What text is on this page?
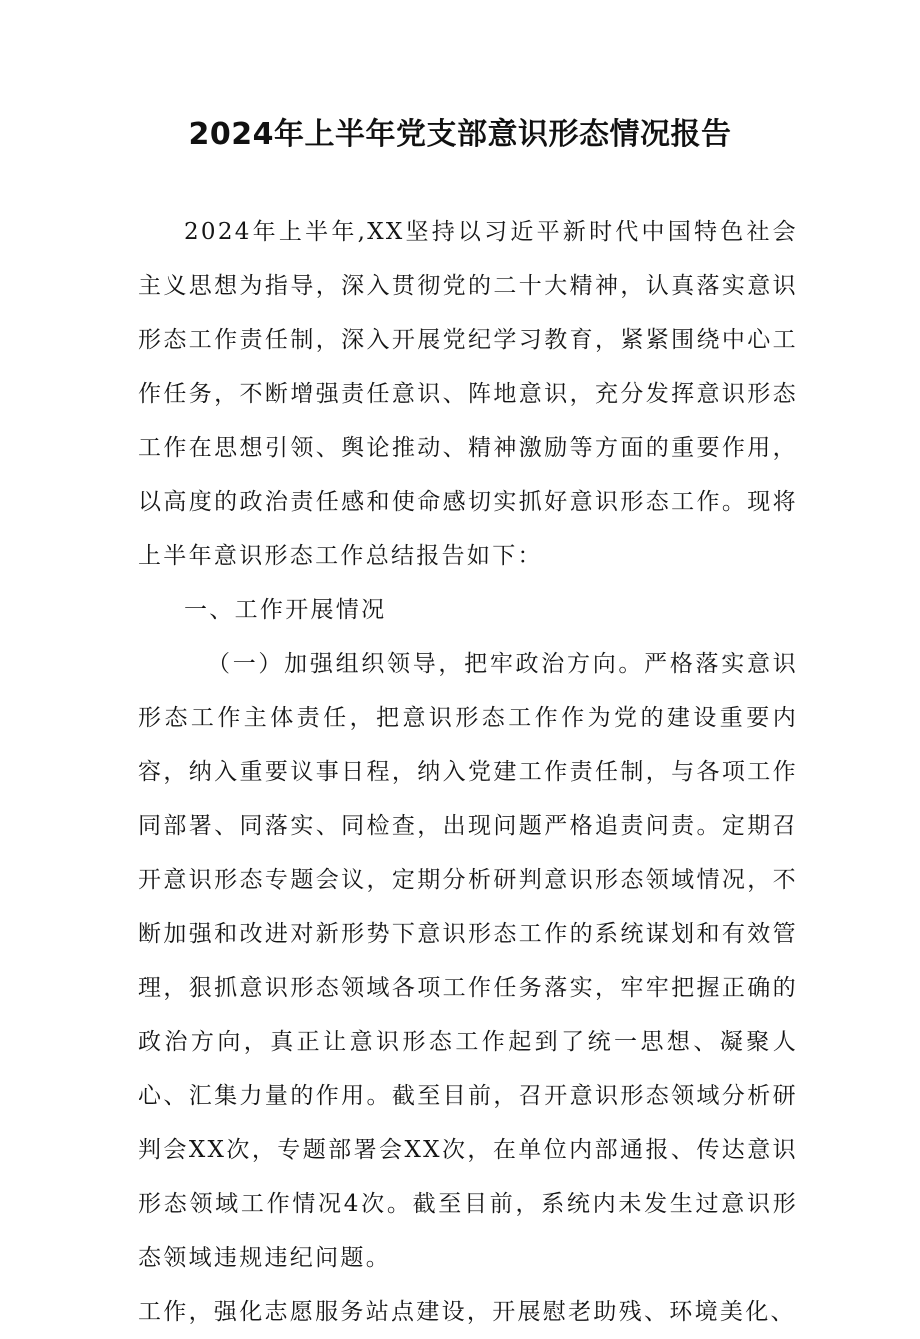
2024年上半年党支部意识形态情况报告

2024年上半年,XX坚持以习近平新时代中国特色社会主义思想为指导，深入贯彻党的二十大精神，认真落实意识形态工作责任制，深入开展党纪学习教育，紧紧围绕中心工作任务，不断增强责任意识、阵地意识，充分发挥意识形态工作在思想引领、舆论推动、精神激励等方面的重要作用，以高度的政治责任感和使命感切实抓好意识形态工作。现将上半年意识形态工作总结报告如下：

一、工作开展情况

（一）加强组织领导，把牢政治方向。严格落实意识形态工作主体责任，把意识形态工作作为党的建设重要内容，纳入重要议事日程，纳入党建工作责任制，与各项工作同部署、同落实、同检查，出现问题严格追责问责。定期召开意识形态专题会议，定期分析研判意识形态领域情况，不断加强和改进对新形势下意识形态工作的系统谋划和有效管理，狠抓意识形态领域各项工作任务落实，牢牢把握正确的政治方向，真正让意识形态工作起到了统一思想、凝聚人心、汇集力量的作用。截至目前，召开意识形态领域分析研判会XX次，专题部署会XX次，在单位内部通报、传达意识形态领域工作情况4次。截至目前，系统内未发生过意识形态领域违规违纪问题。

工作，强化志愿服务站点建设，开展慰老助残、环境美化、
